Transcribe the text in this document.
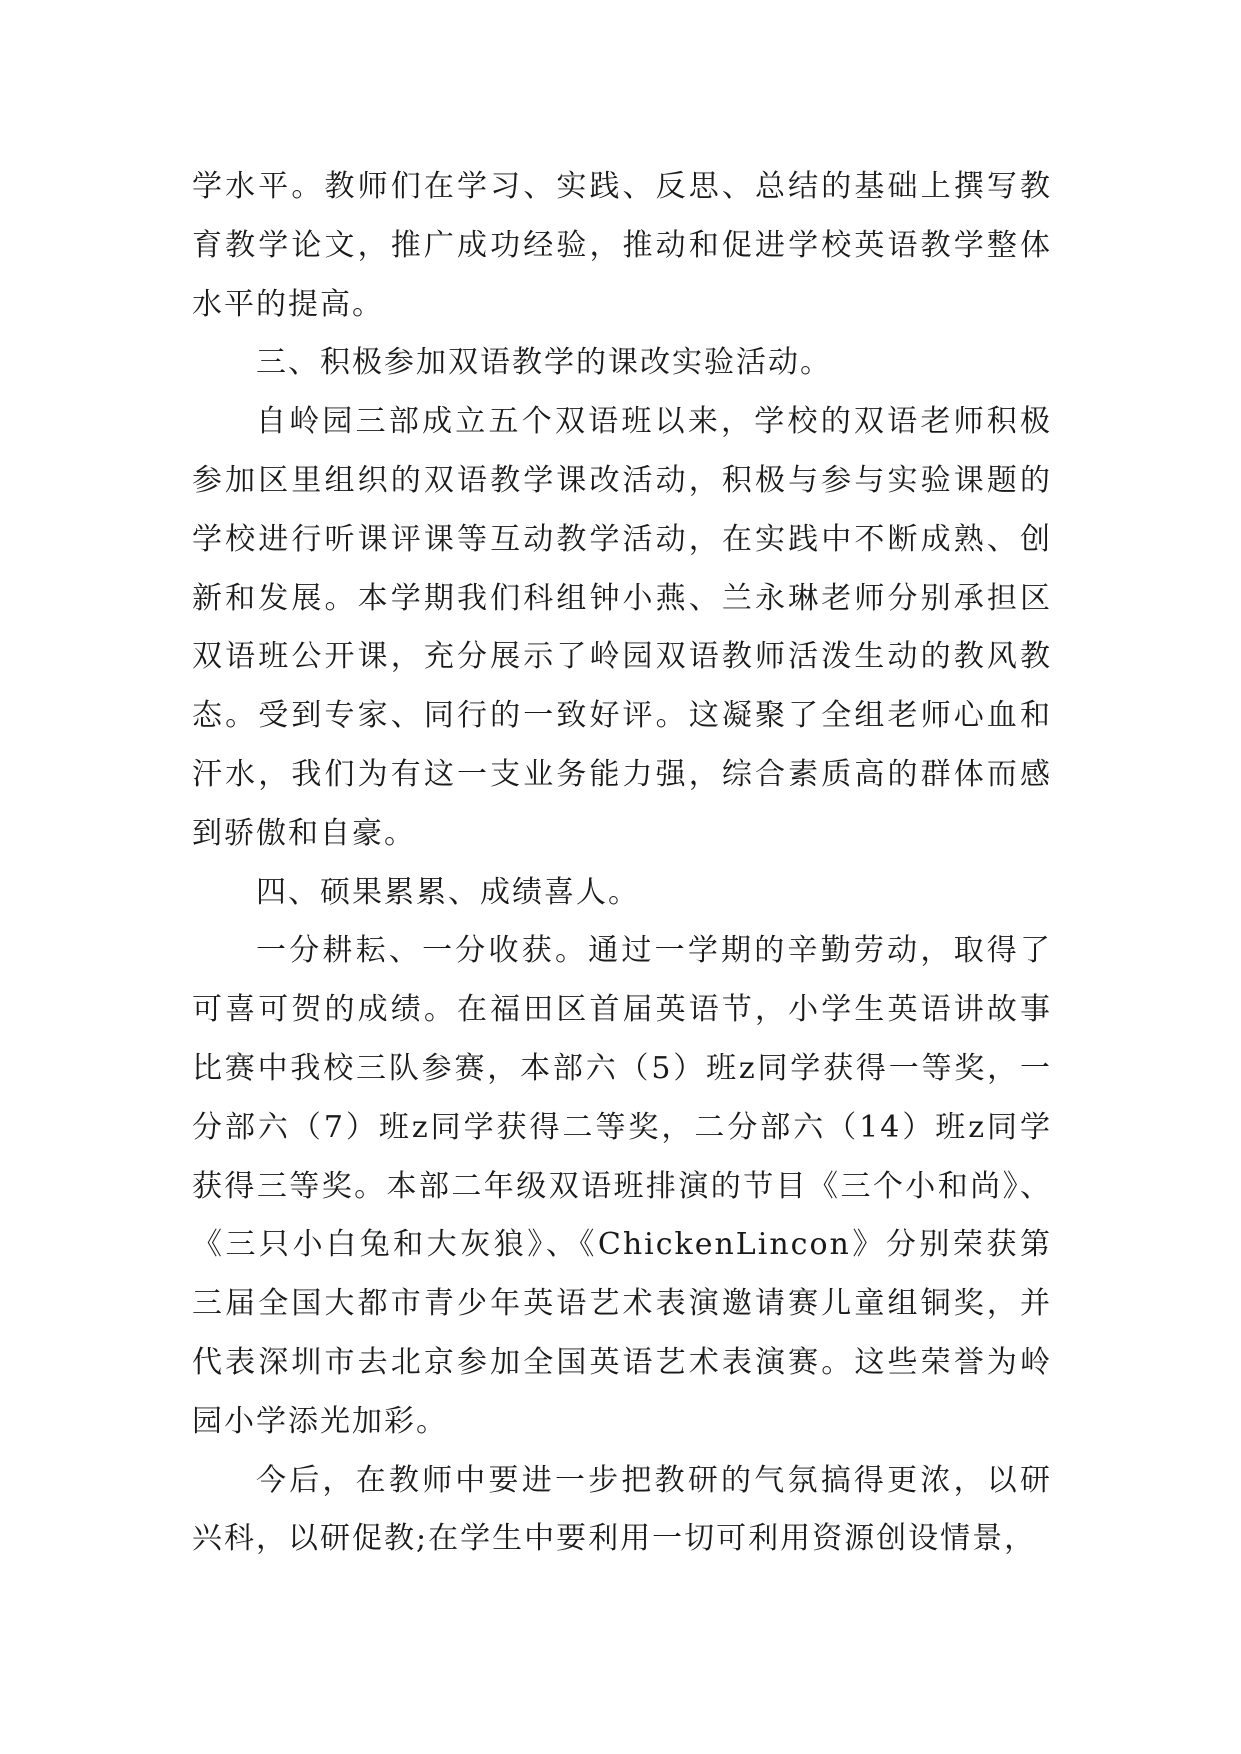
学水平。教师们在学习、实践、反思、总结的基础上撰写教育教学论文，推广成功经验，推动和促进学校英语教学整体水平的提高。

三、积极参加双语教学的课改实验活动。

自岭园三部成立五个双语班以来，学校的双语老师积极参加区里组织的双语教学课改活动，积极与参与实验课题的学校进行听课评课等互动教学活动，在实践中不断成熟、创新和发展。本学期我们科组钟小燕、兰永琳老师分别承担区双语班公开课，充分展示了岭园双语教师活泼生动的教风教态。受到专家、同行的一致好评。这凝聚了全组老师心血和汗水，我们为有这一支业务能力强，综合素质高的群体而感到骄傲和自豪。

四、硕果累累、成绩喜人。

一分耕耘、一分收获。通过一学期的辛勤劳动，取得了可喜可贺的成绩。在福田区首届英语节，小学生英语讲故事比赛中我校三队参赛，本部六（5）班z同学获得一等奖，一分部六（7）班z同学获得二等奖，二分部六（14）班z同学获得三等奖。本部二年级双语班排演的节目《三个小和尚》、《三只小白兔和大灰狼》、《ChickenLincon》分别荣获第三届全国大都市青少年英语艺术表演邀请赛儿童组铜奖，并代表深圳市去北京参加全国英语艺术表演赛。这些荣誉为岭园小学添光加彩。

今后，在教师中要进一步把教研的气氛搞得更浓，以研兴科，以研促教;在学生中要利用一切可利用资源创设情景，
